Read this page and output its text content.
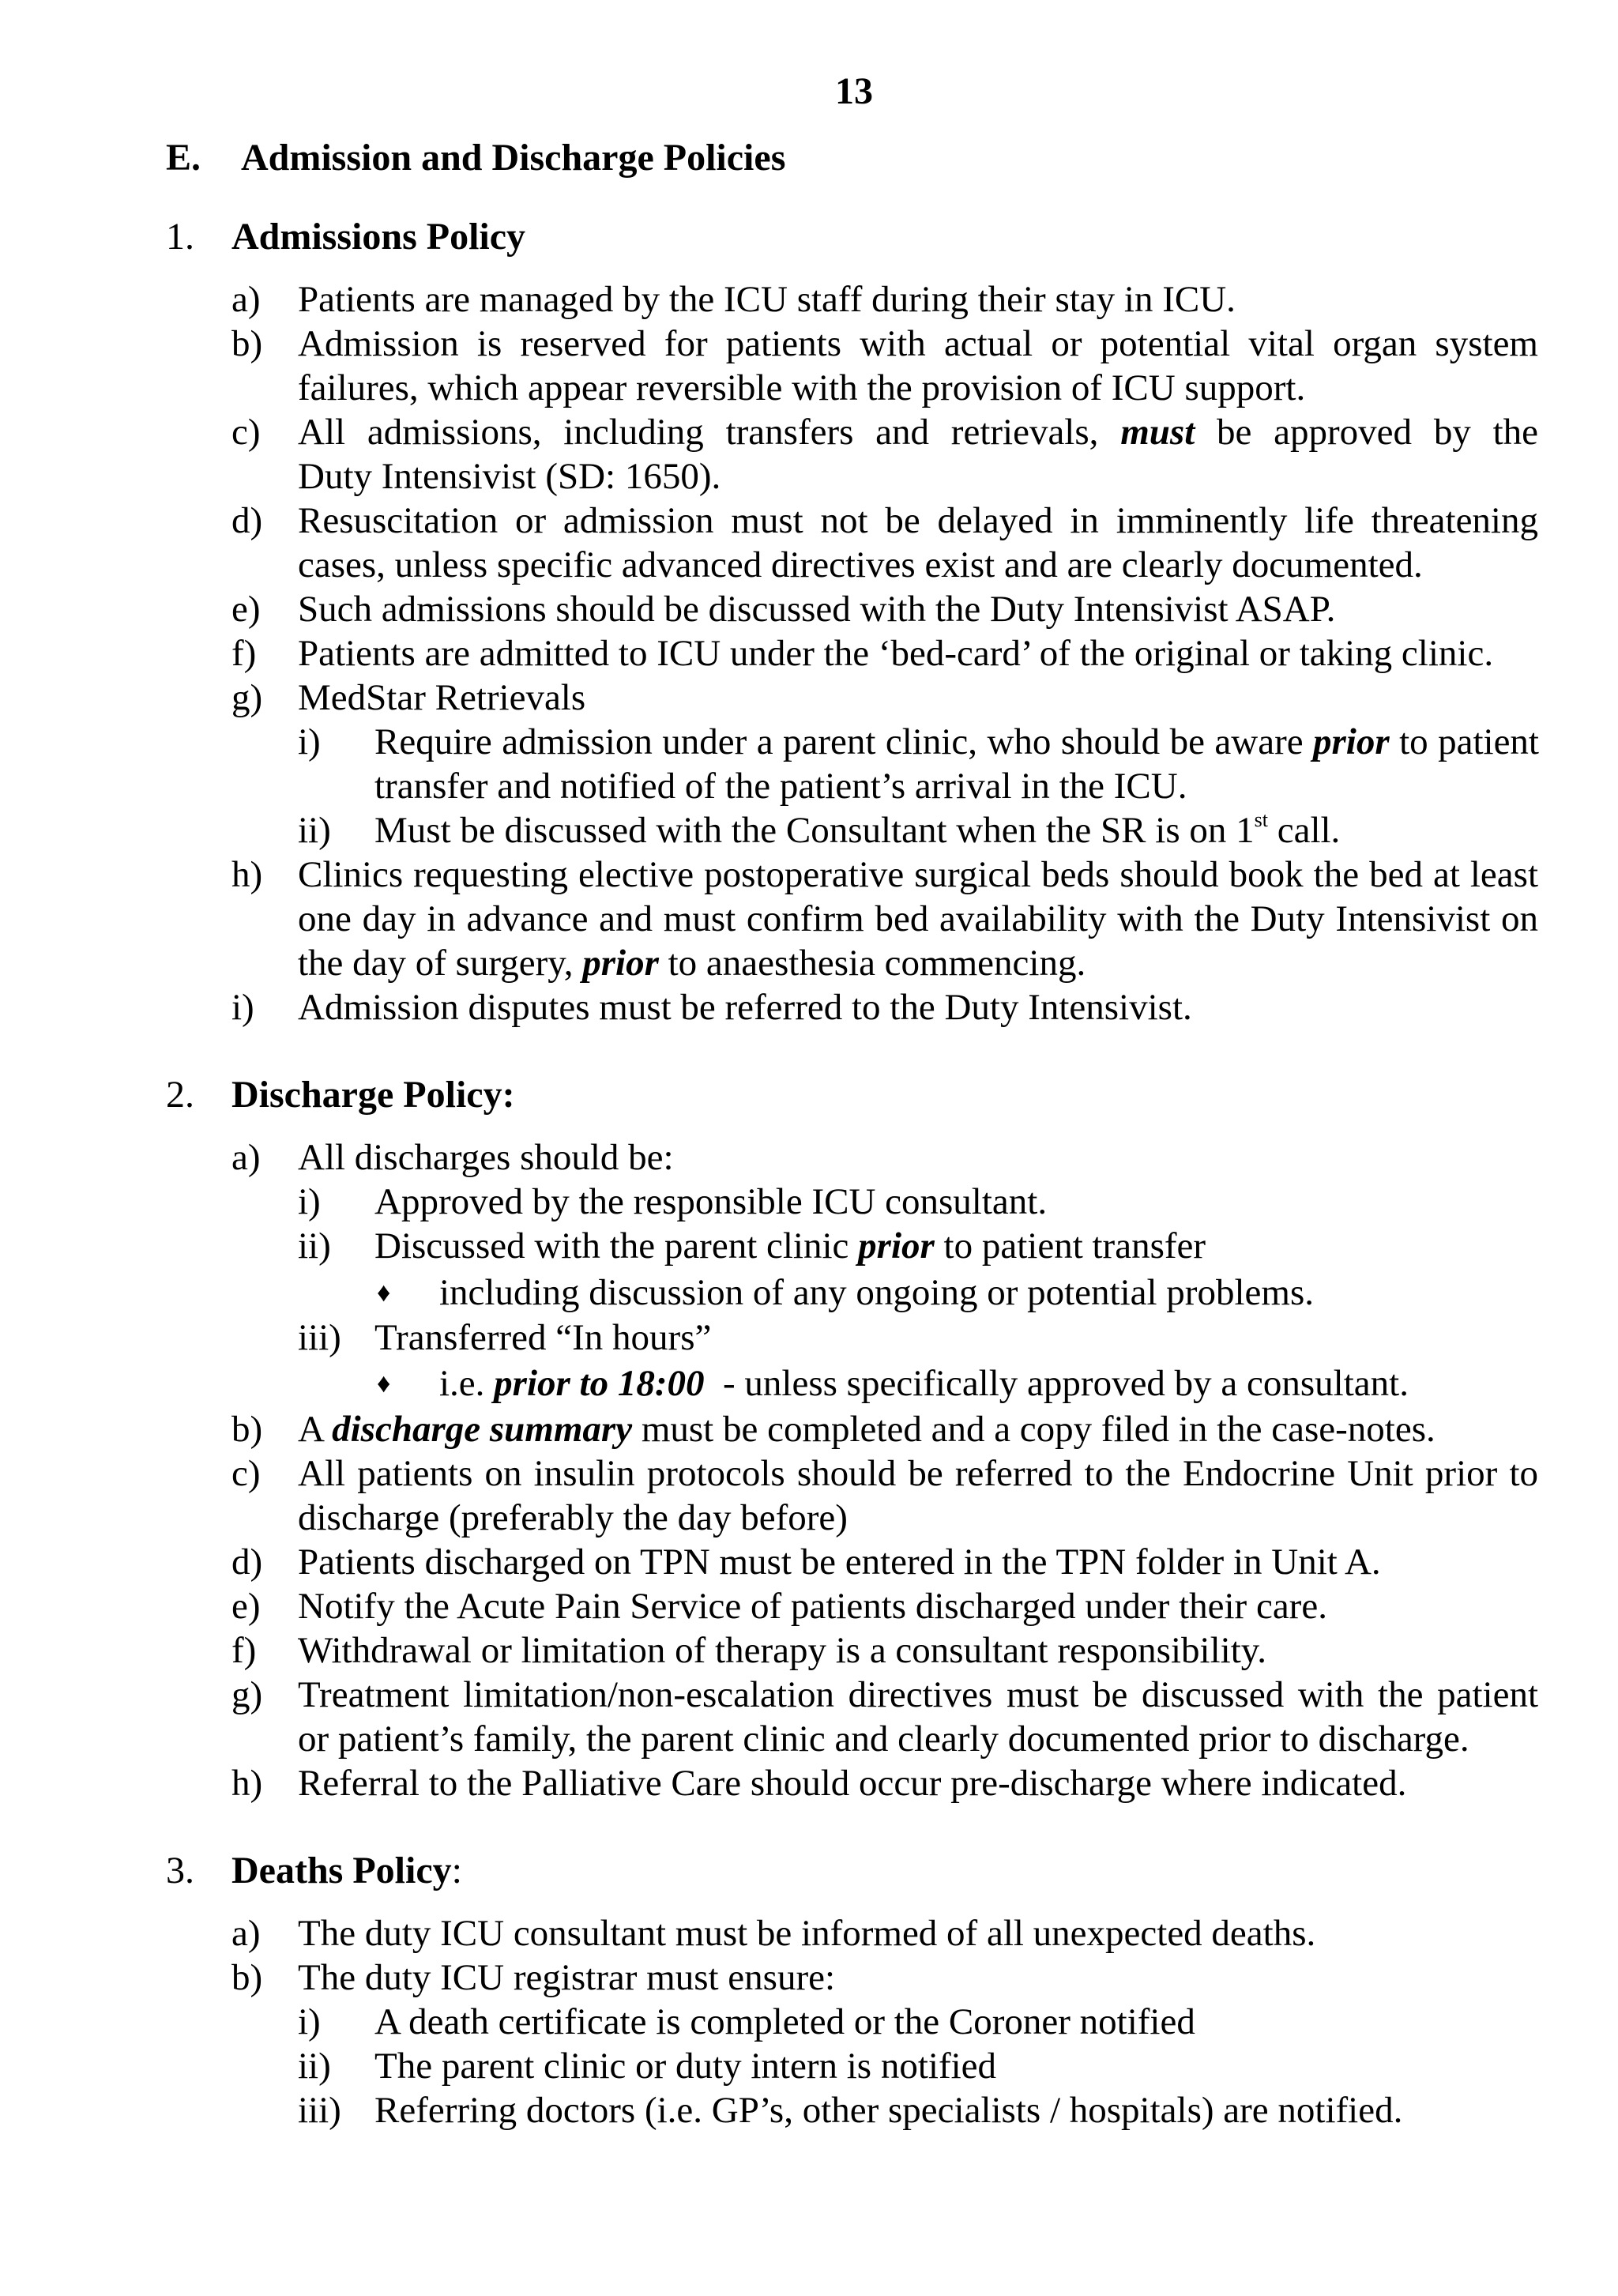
13
E. Admission and Discharge Policies
1. Admissions Policy
a) Patients are managed by the ICU staff during their stay in ICU.
b) Admission is reserved for patients with actual or potential vital organ system
failures, which appear reversible with the provision of ICU support.
c) All admissions, including transfers and retrievals, must be approved by the
Duty Intensivist (SD: 1650).
d) Resuscitation or admission must not be delayed in imminently life threatening
cases, unless specific advanced directives exist and are clearly documented.
e) Such admissions should be discussed with the Duty Intensivist ASAP.
f) Patients are admitted to ICU under the ‘bed-card’ of the original or taking clinic.
g) MedStar Retrievals
i) Require admission under a parent clinic, who should be aware prior to patient
transfer and notified of the patient’s arrival in the ICU.
ii) Must be discussed with the Consultant when the SR is on 1st call.
h) Clinics requesting elective postoperative surgical beds should book the bed at least
one day in advance and must confirm bed availability with the Duty Intensivist on
the day of surgery, prior to anaesthesia commencing.
i) Admission disputes must be referred to the Duty Intensivist.
2. Discharge Policy:
a) All discharges should be:
i) Approved by the responsible ICU consultant.
ii) Discussed with the parent clinic prior to patient transfer
♦ including discussion of any ongoing or potential problems.
iii) Transferred “In hours”
♦ i.e. prior to 18:00 - unless specifically approved by a consultant.
b) A discharge summary must be completed and a copy filed in the case-notes.
c) All patients on insulin protocols should be referred to the Endocrine Unit prior to
discharge (preferably the day before)
d) Patients discharged on TPN must be entered in the TPN folder in Unit A.
e) Notify the Acute Pain Service of patients discharged under their care.
f) Withdrawal or limitation of therapy is a consultant responsibility.
g) Treatment limitation/non-escalation directives must be discussed with the patient
or patient’s family, the parent clinic and clearly documented prior to discharge.
h) Referral to the Palliative Care should occur pre-discharge where indicated.
3. Deaths Policy:
a) The duty ICU consultant must be informed of all unexpected deaths.
b) The duty ICU registrar must ensure:
i) A death certificate is completed or the Coroner notified
ii) The parent clinic or duty intern is notified
iii) Referring doctors (i.e. GP’s, other specialists / hospitals) are notified.
